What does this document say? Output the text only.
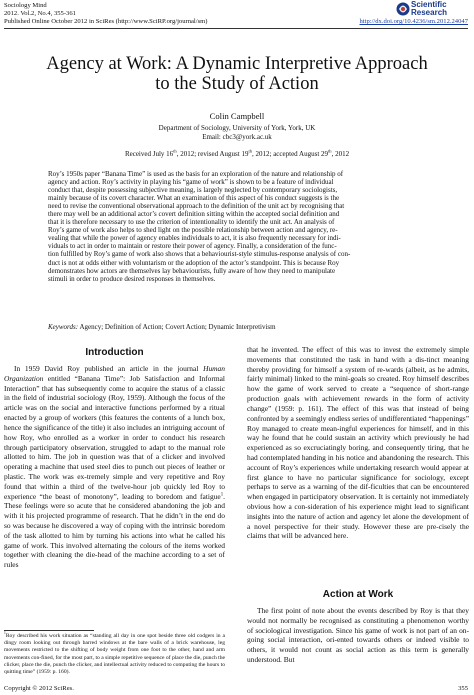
Sociology Mind
2012. Vol.2, No.4, 355-361
Published Online October 2012 in SciRes (http://www.SciRP.org/journal/sm)
Scientific
Research
http://dx.doi.org/10.4236/sm.2012.24047
Agency at Work: A Dynamic Interpretive Approach
to the Study of Action
Colin Campbell
Department of Sociology, University of York, York, UK
Email: cbc3@york.ac.uk
Received July 16th, 2012; revised August 19th, 2012; accepted August 29th, 2012
Roy’s 1950s paper “Banana Time” is used as the basis for an exploration of the nature and relationship of
agency and action. Roy’s activity in playing his “game of work” is shown to be a feature of individual
conduct that, despite possessing subjective meaning, is largely neglected by contemporary sociologists,
mainly because of its covert character. What an examination of this aspect of his conduct suggests is the
need to revise the conventional observational approach to the definition of the unit act by recognising that
there may well be an additional actor’s covert definition sitting within the accepted social definition and
that it is therefore necessary to use the criterion of intentionality to identify the unit act. An analysis of
Roy’s game of work also helps to shed light on the possible relationship between action and agency, re-
vealing that while the power of agency enables individuals to act, it is also frequently necessary for indi-
viduals to act in order to maintain or restore their power of agency. Finally, a consideration of the func-
tion fulfilled by Roy’s game of work also shows that a behaviourist-style stimulus-response analysis of con-
duct is not at odds either with voluntarism or the adoption of the actor’s standpoint. This is because Roy
demonstrates how actors are themselves lay behaviourists, fully aware of how they need to manipulate
stimuli in order to produce desired responses in themselves.
Keywords: Agency; Definition of Action; Covert Action; Dynamic Interpretivism
Introduction

In 1959 David Roy published an article in the journal Human Organization entitled “Banana Time”: Job Satisfaction and Informal Interaction” that has subsequently come to acquire the status of a classic in the field of industrial sociology (Roy, 1959). Although the focus of the article was on the social and interactive functions performed by a ritual enacted by a group of workers (this features the contents of a lunch box, hence the significance of the title) it also includes an intriguing account of how Roy, who enrolled as a worker in order to conduct his research through participatory observation, struggled to adapt to the manual role allotted to him. The job in question was that of a clicker and involved operating a machine that used steel dies to punch out pieces of leather or plastic. The work was ex-tremely simple and very repetitive and Roy found that within a third of the twelve-hour job quickly led Roy to experience “the beast of monotony”, leading to boredom and fatigue$^1$. These feelings were so acute that he considered abandoning the job and with it his projected programme of research. That he didn’t in the end do so was because he discovered a way of coping with the intrinsic boredom of the task allotted to him by turning his actions into what he called his game of work. This involved alternating the colours of the items worked together with cleaning the die-head of the machine according to a set of rules

$^1$Roy described his work situation as “standing all day in one spot beside three old codgers in a dingy room looking out through barred windows at the bare walls of a brick warehouse, leg movements restricted to the shifting of body weight from one foot to the other, hand and arm movements con-fined, for the most part, to a simple repetitive sequence of place the die, punch the clicker, place the die, punch the clicker, and intellectual activity reduced to computing the hours to quitting time” (1959: p. 160).

that he invented. The effect of this was to invest the extremely simple movements that constituted the task in hand with a dis-tinct meaning thereby providing for himself a system of re-wards (albeit, as he admits, fairly minimal) linked to the mini-goals so created. Roy himself describes how the game of work served to create a “sequence of short-range production goals with achievement rewards in the form of activity change” (1959: p. 161). The effect of this was that instead of being confronted by a seemingly endless series of undifferentiated “happenings” Roy managed to create mean-ingful experiences for himself, and in this way he found that he could sustain an activity which previously he had experienced as so excruciatingly boring, and consequently tiring, that he had contemplated handing in his notice and abandoning the research. This account of Roy’s experiences while undertaking research would appear at first glance to have no particular significance for sociology, except perhaps to serve as a warning of the dif-ficulties that can be encountered when engaged in participatory observation. It is certainly not immediately obvious how a con-sideration of his experience might lead to significant insights into the nature of action and agency let alone the development of a novel perspective for their study. However these are pre-cisely the claims that will be advanced here.

Action at Work

The first point of note about the events described by Roy is that they would not normally be recognised as constituting a phenomenon worthy of sociological investigation. Since his game of work is not part of an on-going social interaction, ori-ented towards others or indeed visible to others, it would not count as social action as this term is generally understood. But

Copyright © 2012 SciRes.	355
